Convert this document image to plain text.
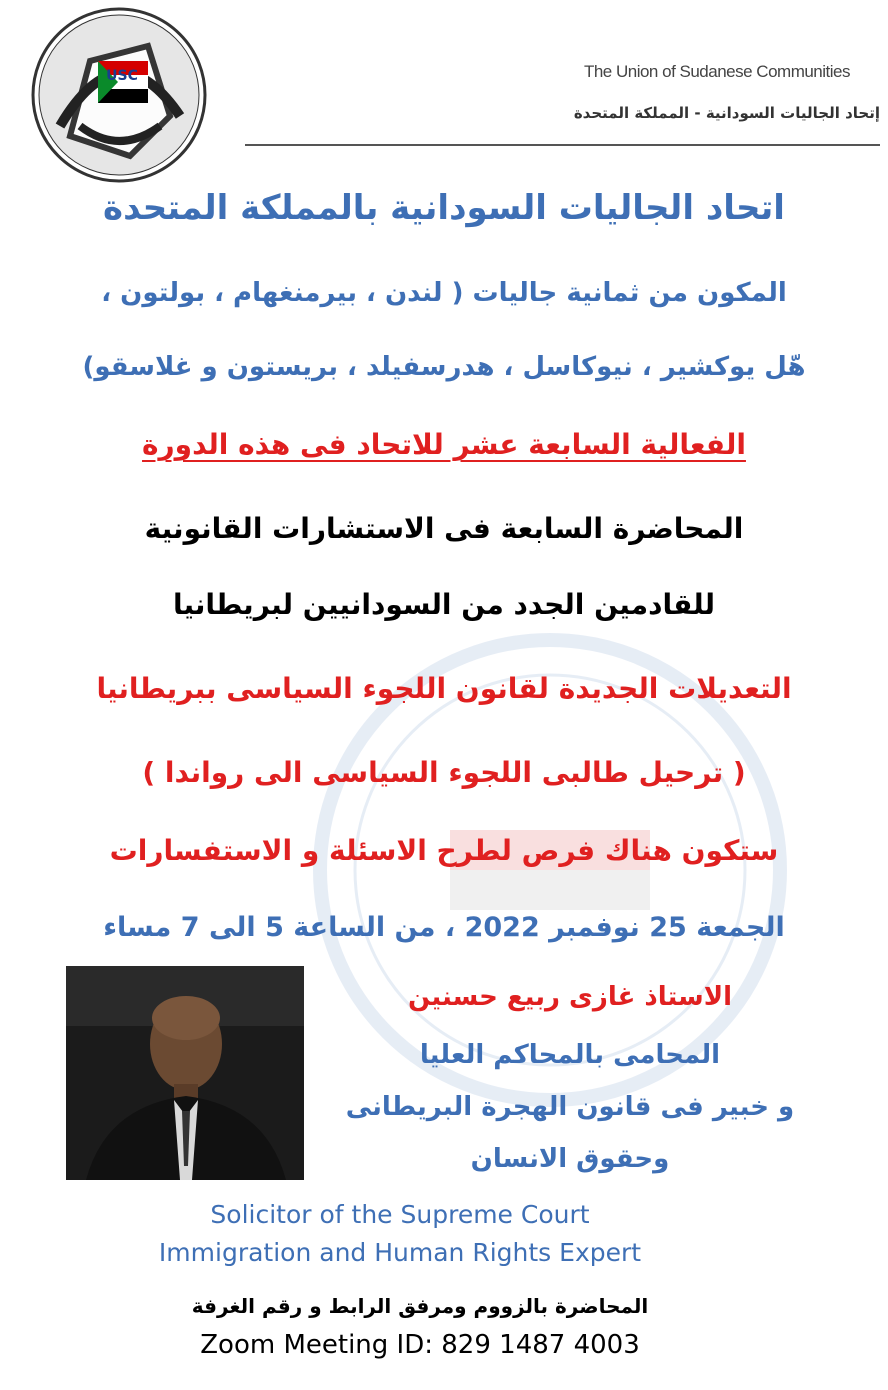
USC	The Union of Sudanese Communities
إتحاد الجاليات السودانية - المملكة المتحدة
اتحاد الجاليات السودانية بالمملكة المتحدة
المكون من ثمانية جاليات ( لندن ، بيرمنغهام ، بولتون ،
هّل يوكشير ، نيوكاسل ، هدرسفيلد ، بريستون و غلاسقو)
الفعالية السابعة عشر للاتحاد فى هذه الدورة
المحاضرة السابعة فى الاستشارات القانونية
للقادمين الجدد من السودانيين لبريطانيا
التعديلات الجديدة لقانون اللجوء السياسى ببريطانيا
( ترحيل طالبى اللجوء السياسى الى رواندا )
ستكون هناك فرص لطرح الاسئلة و الاستفسارات
الجمعة 25 نوفمبر 2022 ، من الساعة 5 الى 7 مساء
الاستاذ غازى ربيع حسنين
المحامى بالمحاكم العليا
و خبير فى قانون الهجرة البريطانى
وحقوق الانسان
Solicitor of the Supreme Court
Immigration and Human Rights Expert
المحاضرة بالزووم ومرفق الرابط و رقم الغرفة
Zoom Meeting ID: 829 1487 4003
